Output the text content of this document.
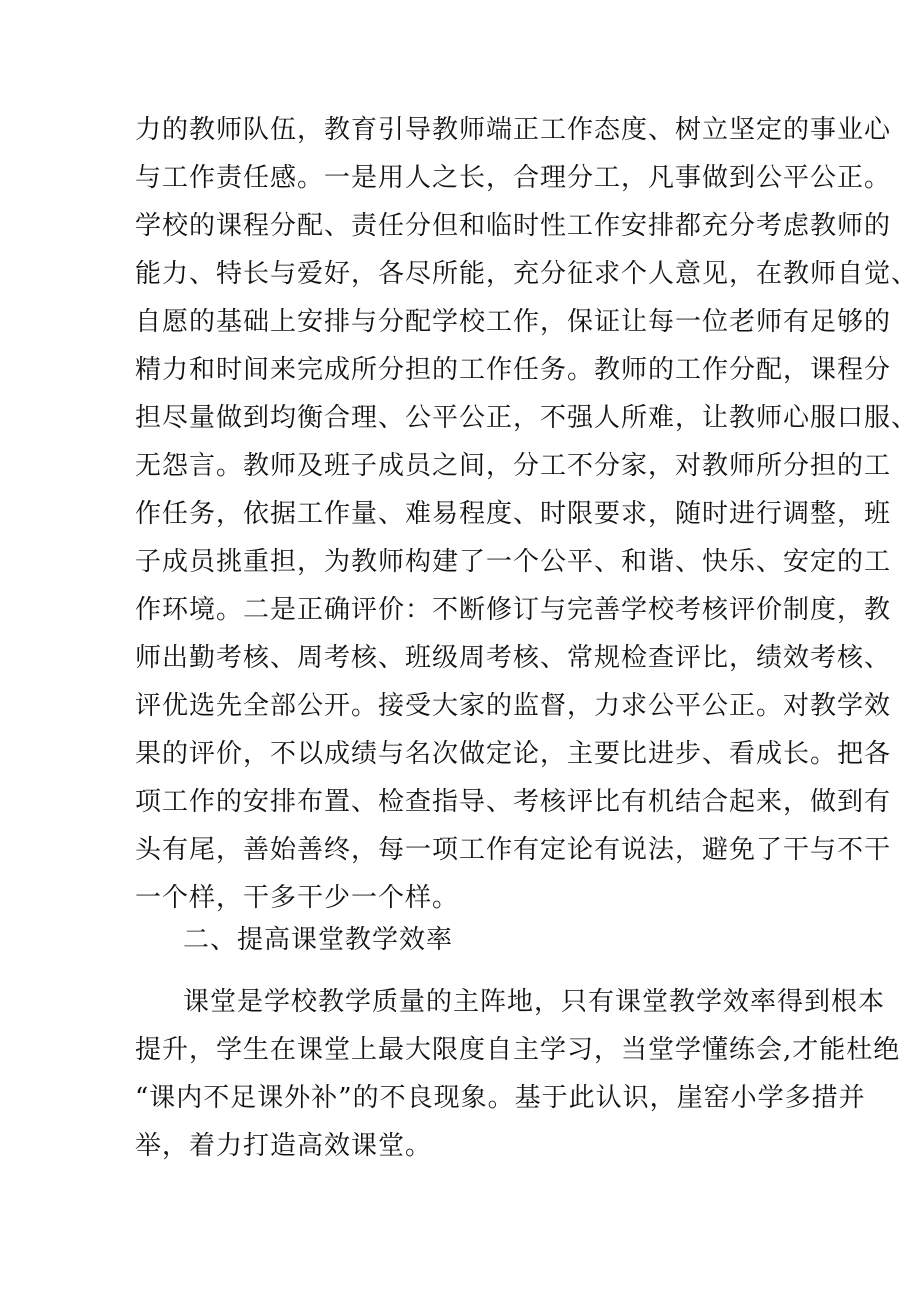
力的教师队伍，教育引导教师端正工作态度、树立坚定的事业心
与工作责任感。一是用人之长，合理分工，凡事做到公平公正。
学校的课程分配、责任分但和临时性工作安排都充分考虑教师的
能力、特长与爱好，各尽所能，充分征求个人意见，在教师自觉、
自愿的基础上安排与分配学校工作，保证让每一位老师有足够的
精力和时间来完成所分担的工作任务。教师的工作分配，课程分
担尽量做到均衡合理、公平公正，不强人所难，让教师心服口服、
无怨言。教师及班子成员之间，分工不分家，对教师所分担的工
作任务，依据工作量、难易程度、时限要求，随时进行调整，班
子成员挑重担，为教师构建了一个公平、和谐、快乐、安定的工
作环境。二是正确评价：不断修订与完善学校考核评价制度，教
师出勤考核、周考核、班级周考核、常规检查评比，绩效考核、
评优选先全部公开。接受大家的监督，力求公平公正。对教学效
果的评价，不以成绩与名次做定论，主要比进步、看成长。把各
项工作的安排布置、检查指导、考核评比有机结合起来，做到有
头有尾，善始善终，每一项工作有定论有说法，避免了干与不干
一个样，干多干少一个样。
二、提高课堂教学效率
课堂是学校教学质量的主阵地，只有课堂教学效率得到根本
提升，学生在课堂上最大限度自主学习，当堂学懂练会,才能杜绝
“课内不足课外补”的不良现象。基于此认识，崖窑小学多措并
举，着力打造高效课堂。
